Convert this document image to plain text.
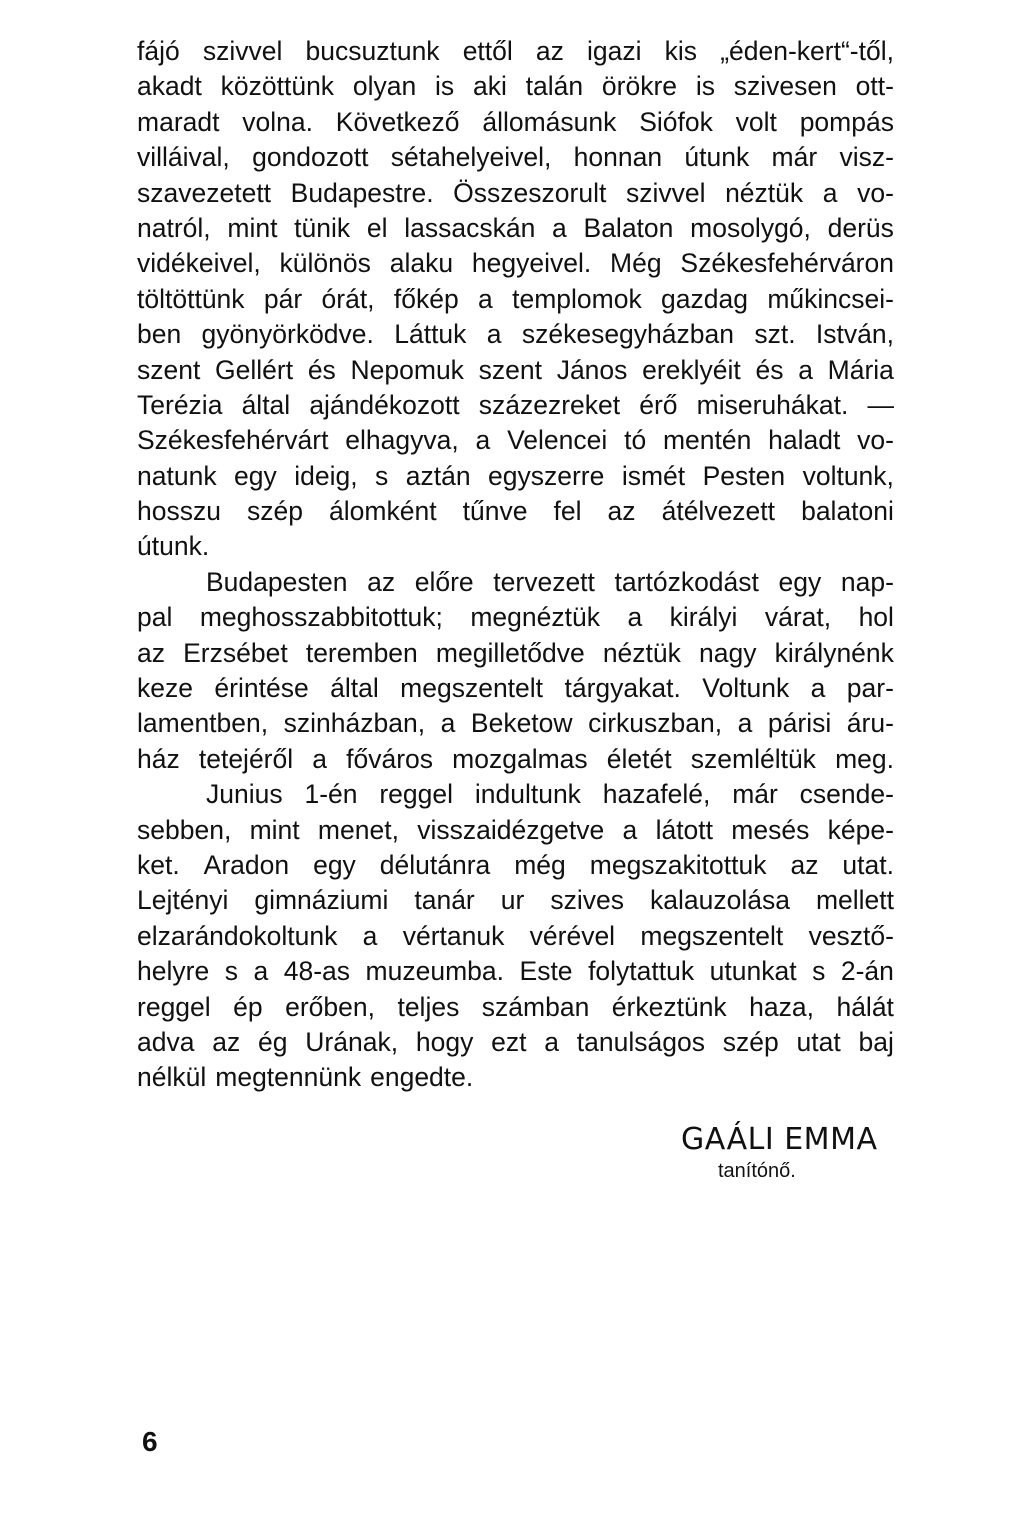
fájó szivvel bucsuztunk ettől az igazi kis „éden-kert“-től,
akadt közöttünk olyan is aki talán örökre is szivesen ott-
maradt volna. Következő állomásunk Siófok volt pompás
villáival, gondozott sétahelyeivel, honnan útunk már visz-
szavezetett Budapestre. Összeszorult szivvel néztük a vo-
natról, mint tünik el lassacskán a Balaton mosolygó, derüs
vidékeivel, különös alaku hegyeivel. Még Székesfehérváron
töltöttünk pár órát, főkép a templomok gazdag műkincsei-
ben gyönyörködve. Láttuk a székesegyházban szt. István,
szent Gellért és Nepomuk szent János ereklyéit és a Mária
Terézia által ajándékozott százezreket érő miseruhákat. —
Székesfehérvárt elhagyva, a Velencei tó mentén haladt vo-
natunk egy ideig, s aztán egyszerre ismét Pesten voltunk,
hosszu szép álomként tűnve fel az átélvezett balatoni
útunk.
Budapesten az előre tervezett tartózkodást egy nap-
pal meghosszabbitottuk; megnéztük a királyi várat, hol
az Erzsébet teremben megilletődve néztük nagy királynénk
keze érintése által megszentelt tárgyakat. Voltunk a par-
lamentben, szinházban, a Beketow cirkuszban, a párisi áru-
ház tetejéről a főváros mozgalmas életét szemléltük meg.
Junius 1-én reggel indultunk hazafelé, már csende-
sebben, mint menet, visszaidézgetve a látott mesés képe-
ket. Aradon egy délutánra még megszakitottuk az utat.
Lejtényi gimnáziumi tanár ur szives kalauzolása mellett
elzarándokoltunk a vértanuk vérével megszentelt vesztő-
helyre s a 48-as muzeumba. Este folytattuk utunkat s 2-án
reggel ép erőben, teljes számban érkeztünk haza, hálát
adva az ég Urának, hogy ezt a tanulságos szép utat baj
nélkül megtennünk engedte.
GAÁLI EMMA
tanítónő.
6
